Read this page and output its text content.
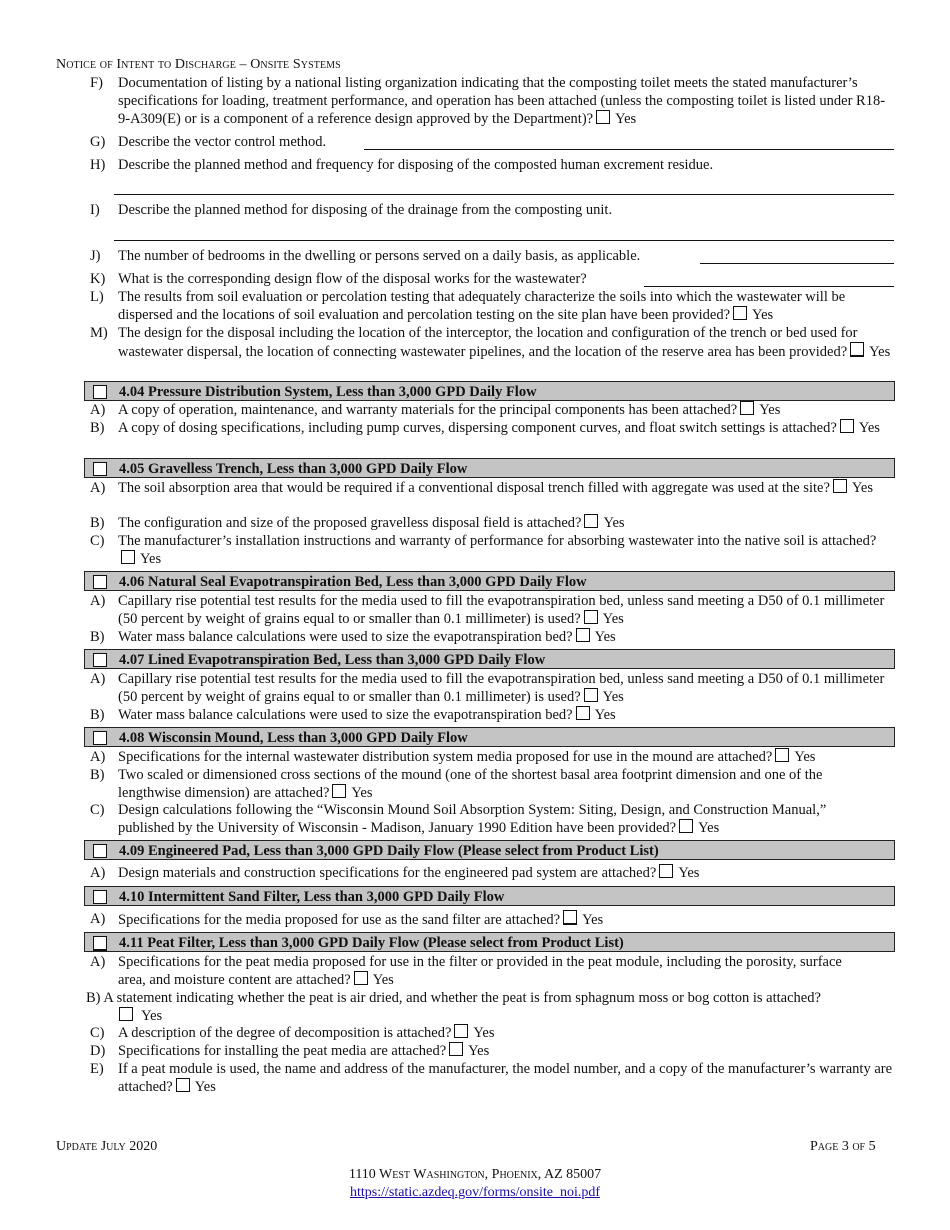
Notice of Intent to Discharge – Onsite Systems
F) Documentation of listing by a national listing organization indicating that the composting toilet meets the stated manufacturer’s specifications for loading, treatment performance, and operation has been attached (unless the composting toilet is listed under R18-9-A309(E) or is a component of a reference design approved by the Department)? Yes
G) Describe the vector control method.
H) Describe the planned method and frequency for disposing of the composted human excrement residue.
I) Describe the planned method for disposing of the drainage from the composting unit.
J) The number of bedrooms in the dwelling or persons served on a daily basis, as applicable.
K) What is the corresponding design flow of the disposal works for the wastewater?
L) The results from soil evaluation or percolation testing that adequately characterize the soils into which the wastewater will be dispersed and the locations of soil evaluation and percolation testing on the site plan have been provided? Yes
M) The design for the disposal including the location of the interceptor, the location and configuration of the trench or bed used for wastewater dispersal, the location of connecting wastewater pipelines, and the location of the reserve area has been provided? Yes
4.04 Pressure Distribution System, Less than 3,000 GPD Daily Flow
A) A copy of operation, maintenance, and warranty materials for the principal components has been attached? Yes
B) A copy of dosing specifications, including pump curves, dispersing component curves, and float switch settings is attached? Yes
4.05 Gravelless Trench, Less than 3,000 GPD Daily Flow
A) The soil absorption area that would be required if a conventional disposal trench filled with aggregate was used at the site? Yes
B) The configuration and size of the proposed gravelless disposal field is attached? Yes
C) The manufacturer’s installation instructions and warranty of performance for absorbing wastewater into the native soil is attached?Yes
4.06 Natural Seal Evapotranspiration Bed, Less than 3,000 GPD Daily Flow
A) Capillary rise potential test results for the media used to fill the evapotranspiration bed, unless sand meeting a D50 of 0.1 millimeter (50 percent by weight of grains equal to or smaller than 0.1 millimeter) is used? Yes
B) Water mass balance calculations were used to size the evapotranspiration bed? Yes
4.07 Lined Evapotranspiration Bed, Less than 3,000 GPD Daily Flow
A) Capillary rise potential test results for the media used to fill the evapotranspiration bed, unless sand meeting a D50 of 0.1 millimeter (50 percent by weight of grains equal to or smaller than 0.1 millimeter) is used? Yes
B) Water mass balance calculations were used to size the evapotranspiration bed? Yes
4.08 Wisconsin Mound, Less than 3,000 GPD Daily Flow
A) Specifications for the internal wastewater distribution system media proposed for use in the mound are attached? Yes
B) Two scaled or dimensioned cross sections of the mound (one of the shortest basal area footprint dimension and one of the lengthwise dimension) are attached? Yes
C) Design calculations following the “Wisconsin Mound Soil Absorption System: Siting, Design, and Construction Manual,” published by the University of Wisconsin - Madison, January 1990 Edition have been provided? Yes
4.09 Engineered Pad, Less than 3,000 GPD Daily Flow (Please select from Product List)
A) Design materials and construction specifications for the engineered pad system are attached? Yes
4.10 Intermittent Sand Filter, Less than 3,000 GPD Daily Flow
A) Specifications for the media proposed for use as the sand filter are attached? Yes
4.11 Peat Filter, Less than 3,000 GPD Daily Flow (Please select from Product List)
A) Specifications for the peat media proposed for use in the filter or provided in the peat module, including the porosity, surface area, and moisture content are attached? Yes
B) A statement indicating whether the peat is air dried, and whether the peat is from sphagnum moss or bog cotton is attached?
Yes
C) A description of the degree of decomposition is attached? Yes
D) Specifications for installing the peat media are attached? Yes
E) If a peat module is used, the name and address of the manufacturer, the model number, and a copy of the manufacturer’s warranty are attached? Yes
Update July 2020	Page 3 of 5
1110 West Washington, Phoenix, AZ 85007
https://static.azdeq.gov/forms/onsite_noi.pdf
